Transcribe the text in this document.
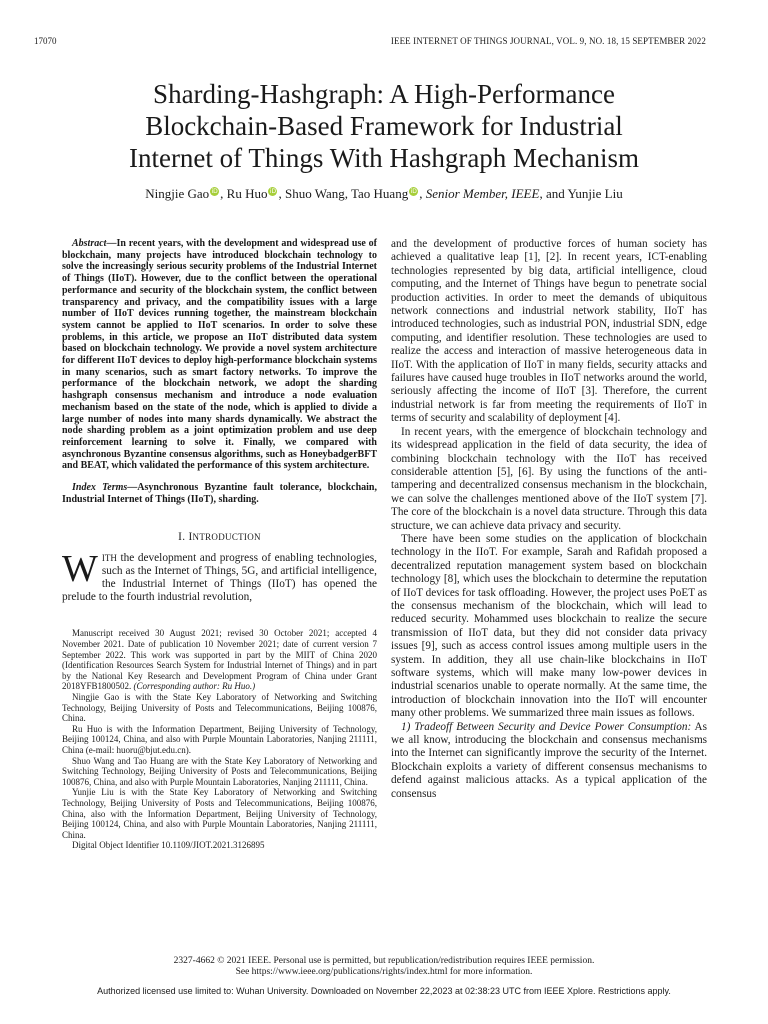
17070	IEEE INTERNET OF THINGS JOURNAL, VOL. 9, NO. 18, 15 SEPTEMBER 2022
Sharding-Hashgraph: A High-Performance
Blockchain-Based Framework for Industrial
Internet of Things With Hashgraph Mechanism
Ningjie Gao iD , Ru Huo iD , Shuo Wang, Tao Huang iD , Senior Member, IEEE, and Yunjie Liu

Abstract—In recent years, with the development and widespread use of blockchain, many projects have introduced blockchain technology to solve the increasingly serious security problems of the Industrial Internet of Things (IIoT). However, due to the conflict between the operational performance and security of the blockchain system, the conflict between transparency and privacy, and the compatibility issues with a large number of IIoT devices running together, the mainstream blockchain system cannot be applied to IIoT scenarios. In order to solve these problems, in this article, we propose an IIoT distributed data system based on blockchain technology. We provide a novel system architecture for different IIoT devices to deploy high-performance blockchain systems in many scenarios, such as smart factory networks. To improve the performance of the blockchain network, we adopt the sharding hashgraph consensus mechanism and introduce a node evaluation mechanism based on the state of the node, which is applied to divide a large number of nodes into many shards dynamically. We abstract the node sharding problem as a joint optimization problem and use deep reinforcement learning to solve it. Finally, we compared with asynchronous Byzantine consensus algorithms, such as HoneybadgerBFT and BEAT, which validated the performance of this system architecture.

Index Terms—Asynchronous Byzantine fault tolerance, blockchain, Industrial Internet of Things (IIoT), sharding.

I. INTRODUCTION

WITH the development and progress of enabling technologies, such as the Internet of Things, 5G, and artificial intelligence, the Industrial Internet of Things (IIoT) has opened the prelude to the fourth industrial revolution,

Manuscript received 30 August 2021; revised 30 October 2021; accepted 4 November 2021. Date of publication 10 November 2021; date of current version 7 September 2022. This work was supported in part by the MIIT of China 2020 (Identification Resources Search System for Industrial Internet of Things) and in part by the National Key Research and Development Program of China under Grant 2018YFB1800502. (Corresponding author: Ru Huo.)

Ningjie Gao is with the State Key Laboratory of Networking and Switching Technology, Beijing University of Posts and Telecommunications, Beijing 100876, China.

Ru Huo is with the Information Department, Beijing University of Technology, Beijing 100124, China, and also with Purple Mountain Laboratories, Nanjing 211111, China (e-mail: huoru@bjut.edu.cn).

Shuo Wang and Tao Huang are with the State Key Laboratory of Networking and Switching Technology, Beijing University of Posts and Telecommunications, Beijing 100876, China, and also with Purple Mountain Laboratories, Nanjing 211111, China.

Yunjie Liu is with the State Key Laboratory of Networking and Switching Technology, Beijing University of Posts and Telecommunications, Beijing 100876, China, also with the Information Department, Beijing University of Technology, Beijing 100124, China, and also with Purple Mountain Laboratories, Nanjing 211111, China.

Digital Object Identifier 10.1109/JIOT.2021.3126895

and the development of productive forces of human society has achieved a qualitative leap [1], [2]. In recent years, ICT-enabling technologies represented by big data, artificial intelligence, cloud computing, and the Internet of Things have begun to penetrate social production activities. In order to meet the demands of ubiquitous network connections and industrial network stability, IIoT has introduced technologies, such as industrial PON, industrial SDN, edge computing, and identifier resolution. These technologies are used to realize the access and interaction of massive heterogeneous data in IIoT. With the application of IIoT in many fields, security attacks and failures have caused huge troubles in IIoT networks around the world, seriously affecting the income of IIoT [3]. Therefore, the current industrial network is far from meeting the requirements of IIoT in terms of security and scalability of deployment [4].

In recent years, with the emergence of blockchain technology and its widespread application in the field of data security, the idea of combining blockchain technology with the IIoT has received considerable attention [5], [6]. By using the functions of the anti-tampering and decentralized consensus mechanism in the blockchain, we can solve the challenges mentioned above of the IIoT system [7]. The core of the blockchain is a novel data structure. Through this data structure, we can achieve data privacy and security.

There have been some studies on the application of blockchain technology in the IIoT. For example, Sarah and Rafidah proposed a decentralized reputation management system based on blockchain technology [8], which uses the blockchain to determine the reputation of IIoT devices for task offloading. However, the project uses PoET as the consensus mechanism of the blockchain, which will lead to reduced security. Mohammed uses blockchain to realize the secure transmission of IIoT data, but they did not consider data privacy issues [9], such as access control issues among multiple users in the system. In addition, they all use chain-like blockchains in IIoT software systems, which will make many low-power devices in industrial scenarios unable to operate normally. At the same time, the introduction of blockchain innovation into the IIoT will encounter many other problems. We summarized three main issues as follows.

1) Tradeoff Between Security and Device Power Consumption: As we all know, introducing the blockchain and consensus mechanisms into the Internet can significantly improve the security of the Internet. Blockchain exploits a variety of different consensus mechanisms to defend against malicious attacks. As a typical application of the consensus

2327-4662 © 2021 IEEE. Personal use is permitted, but republication/redistribution requires IEEE permission.
See https://www.ieee.org/publications/rights/index.html for more information.
Authorized licensed use limited to: Wuhan University. Downloaded on November 22,2023 at 02:38:23 UTC from IEEE Xplore. Restrictions apply.
